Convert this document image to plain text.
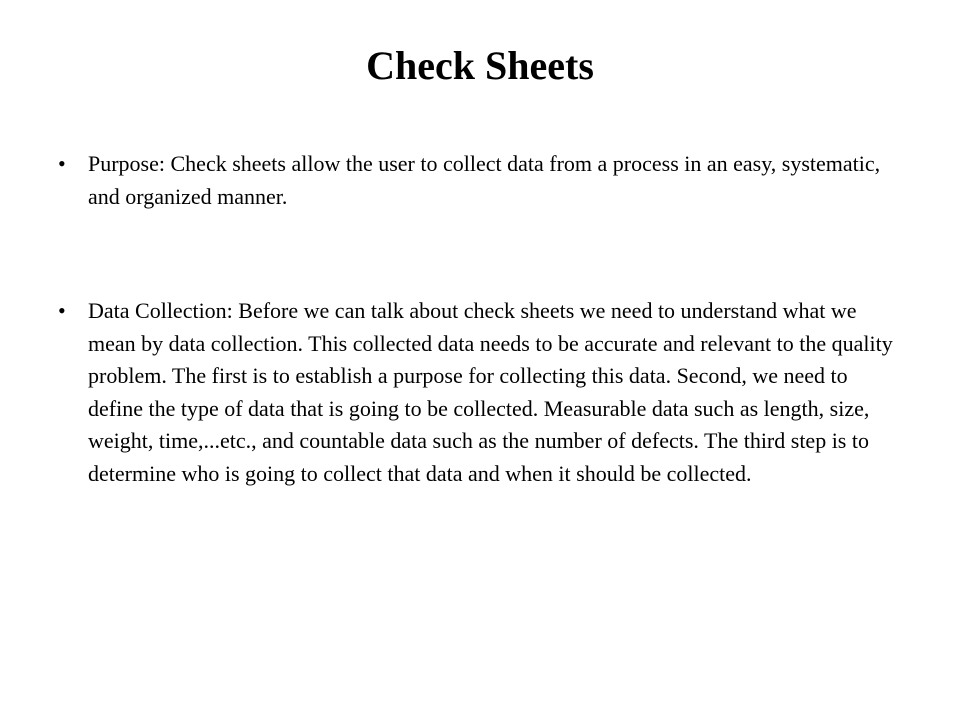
Check Sheets
• Purpose: Check sheets allow the user to collect data from a process in an easy, systematic, and organized manner.
• Data Collection: Before we can talk about check sheets we need to understand what we mean by data collection. This collected data needs to be accurate and relevant to the quality problem. The first is to establish a purpose for collecting this data. Second, we need to define the type of data that is going to be collected. Measurable data such as length, size, weight, time,...etc., and countable data such as the number of defects. The third step is to determine who is going to collect that data and when it should be collected.
